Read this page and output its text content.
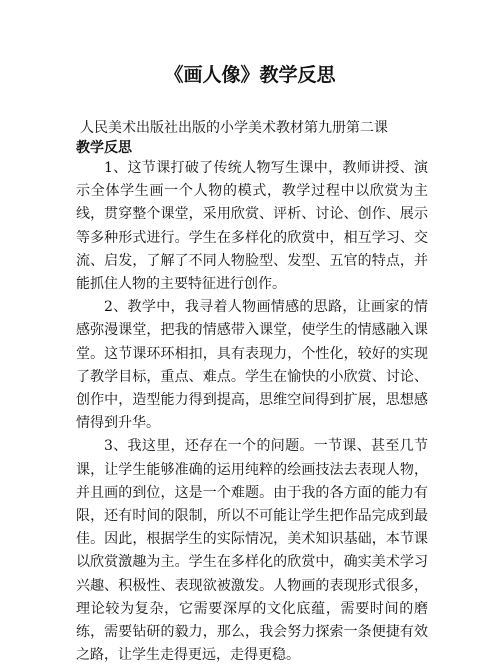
《画人像》教学反思

人民美术出版社出版的小学美术教材第九册第二课

教学反思

1、这节课打破了传统人物写生课中，教师讲授、演示全体学生画一个人物的模式，教学过程中以欣赏为主线，贯穿整个课堂，采用欣赏、评析、讨论、创作、展示等多种形式进行。学生在多样化的欣赏中，相互学习、交流、启发，了解了不同人物脸型、发型、五官的特点，并能抓住人物的主要特征进行创作。

2、教学中，我寻着人物画情感的思路，让画家的情感弥漫课堂，把我的情感带入课堂，使学生的情感融入课堂。这节课环环相扣，具有表现力，个性化，较好的实现了教学目标，重点、难点。学生在愉快的小欣赏、讨论、创作中，造型能力得到提高，思维空间得到扩展，思想感情得到升华。

3、我这里，还存在一个的问题。一节课、甚至几节课，让学生能够准确的运用纯粹的绘画技法去表现人物，并且画的到位，这是一个难题。由于我的各方面的能力有限，还有时间的限制，所以不可能让学生把作品完成到最佳。因此，根据学生的实际情况，美术知识基础，本节课以欣赏激趣为主。学生在多样化的欣赏中，确实美术学习兴趣、积极性、表现欲被激发。人物画的表现形式很多，理论较为复杂，它需要深厚的文化底蕴，需要时间的磨练，需要钻研的毅力，那么，我会努力探索一条便捷有效之路，让学生走得更远，走得更稳。
